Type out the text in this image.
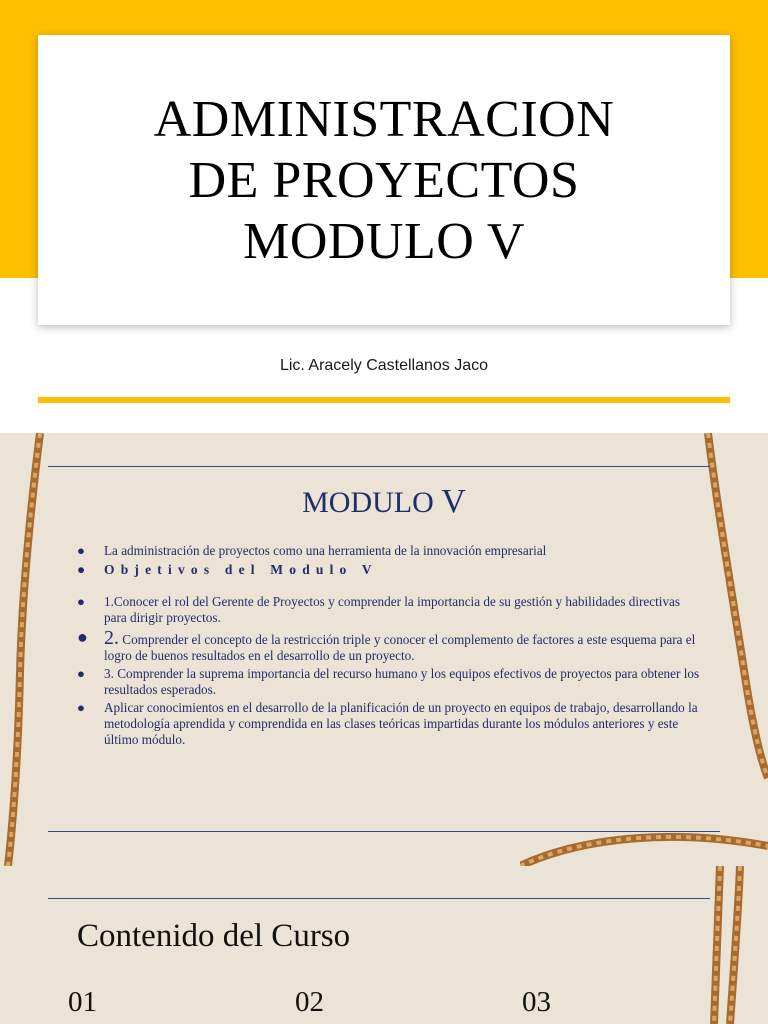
ADMINISTRACION
DE PROYECTOS
MODULO V
Lic. Aracely Castellanos Jaco
MODULO V
● La administración de proyectos como una herramienta de la innovación empresarial
● Objetivos del Modulo V
● 1.Conocer el rol del Gerente de Proyectos y comprender la importancia de su gestión y habilidades directivas para dirigir proyectos.
● 2. Comprender el concepto de la restricción triple y conocer el complemento de factores a este esquema para el logro de buenos resultados en el desarrollo de un proyecto.
● 3. Comprender la suprema importancia del recurso humano y los equipos efectivos de proyectos para obtener los resultados esperados.
● Aplicar conocimientos en el desarrollo de la planificación de un proyecto en equipos de trabajo, desarrollando la metodología aprendida y comprendida en las clases teóricas impartidas durante los módulos anteriores y este último módulo.
Contenido del Curso
01	02	03
